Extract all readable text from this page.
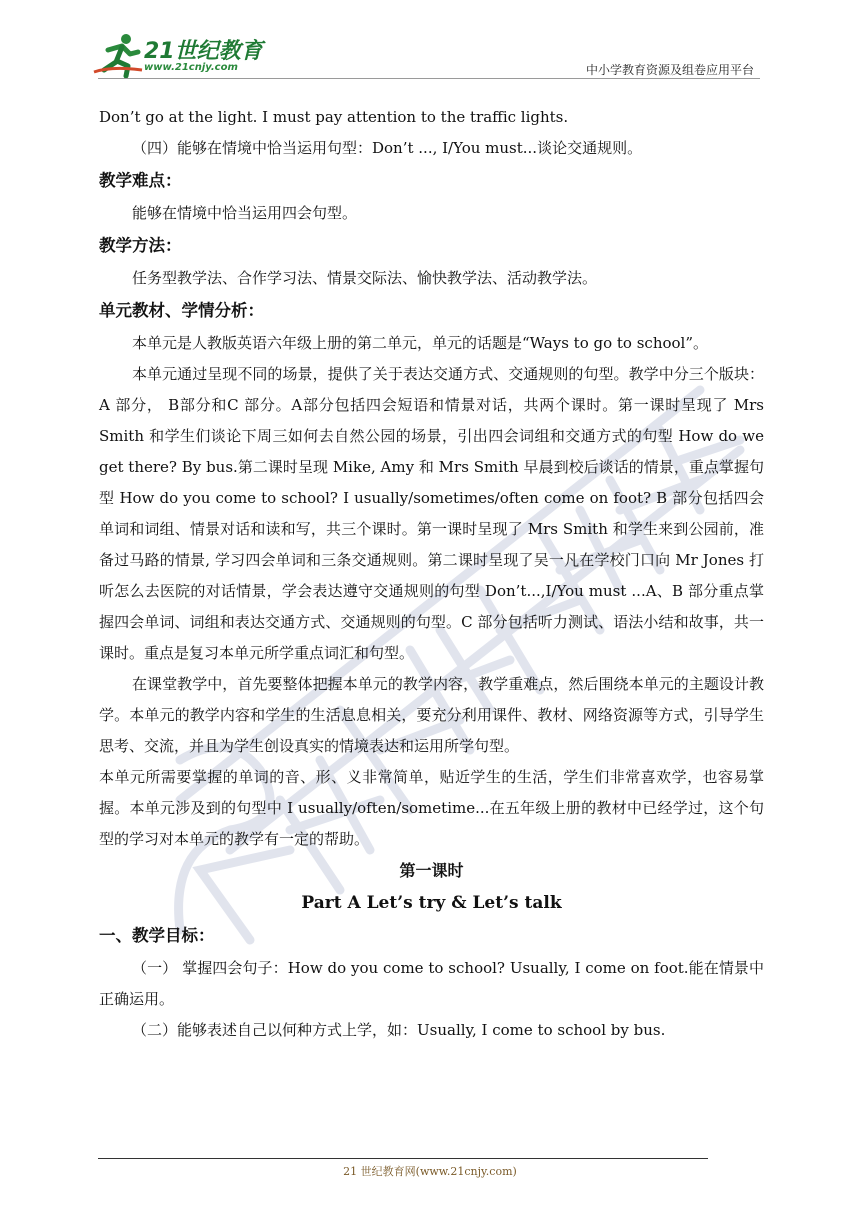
21世纪教育
www.21cnjy.com	中小学教育资源及组卷应用平台

Don’t go at the light. I must pay attention to the traffic lights.

（四）能够在情境中恰当运用句型：Don’t ..., I/You must...谈论交通规则。

教学难点：

能够在情境中恰当运用四会句型。

教学方法：

任务型教学法、合作学习法、情景交际法、愉快教学法、活动教学法。

单元教材、学情分析：

本单元是人教版英语六年级上册的第二单元，单元的话题是“Ways to go to school”。

本单元通过呈现不同的场景，提供了关于表达交通方式、交通规则的句型。教学中分三个版块：A 部分， B部分和C 部分。A部分包括四会短语和情景对话，共两个课时。第一课时呈现了 Mrs Smith 和学生们谈论下周三如何去自然公园的场景，引出四会词组和交通方式的句型 How do we get there? By bus.第二课时呈现 Mike, Amy 和 Mrs Smith 早晨到校后谈话的情景，重点掌握句型 How do you come to school? I usually/sometimes/often come on foot? B 部分包括四会单词和词组、情景对话和读和写，共三个课时。第一课时呈现了 Mrs Smith 和学生来到公园前，准备过马路的情景, 学习四会单词和三条交通规则。第二课时呈现了吴一凡在学校门口向 Mr Jones 打听怎么去医院的对话情景，学会表达遵守交通规则的句型 Don’t...,I/You must ...A、B 部分重点掌握四会单词、词组和表达交通方式、交通规则的句型。C 部分包括听力测试、语法小结和故事，共一课时。重点是复习本单元所学重点词汇和句型。

在课堂教学中，首先要整体把握本单元的教学内容，教学重难点，然后围绕本单元的主题设计教学。本单元的教学内容和学生的生活息息相关，要充分利用课件、教材、网络资源等方式，引导学生思考、交流，并且为学生创设真实的情境表达和运用所学句型。

本单元所需要掌握的单词的音、形、义非常简单，贴近学生的生活，学生们非常喜欢学，也容易掌握。本单元涉及到的句型中 I usually/often/sometime...在五年级上册的教材中已经学过，这个句型的学习对本单元的教学有一定的帮助。

第一课时

Part A Let’s try & Let’s talk

一、教学目标：

（一） 掌握四会句子：How do you come to school? Usually, I come on foot.能在情景中正确运用。

（二）能够表述自己以何种方式上学，如：Usually, I come to school by bus.

21 世纪教育网(www.21cnjy.com)
